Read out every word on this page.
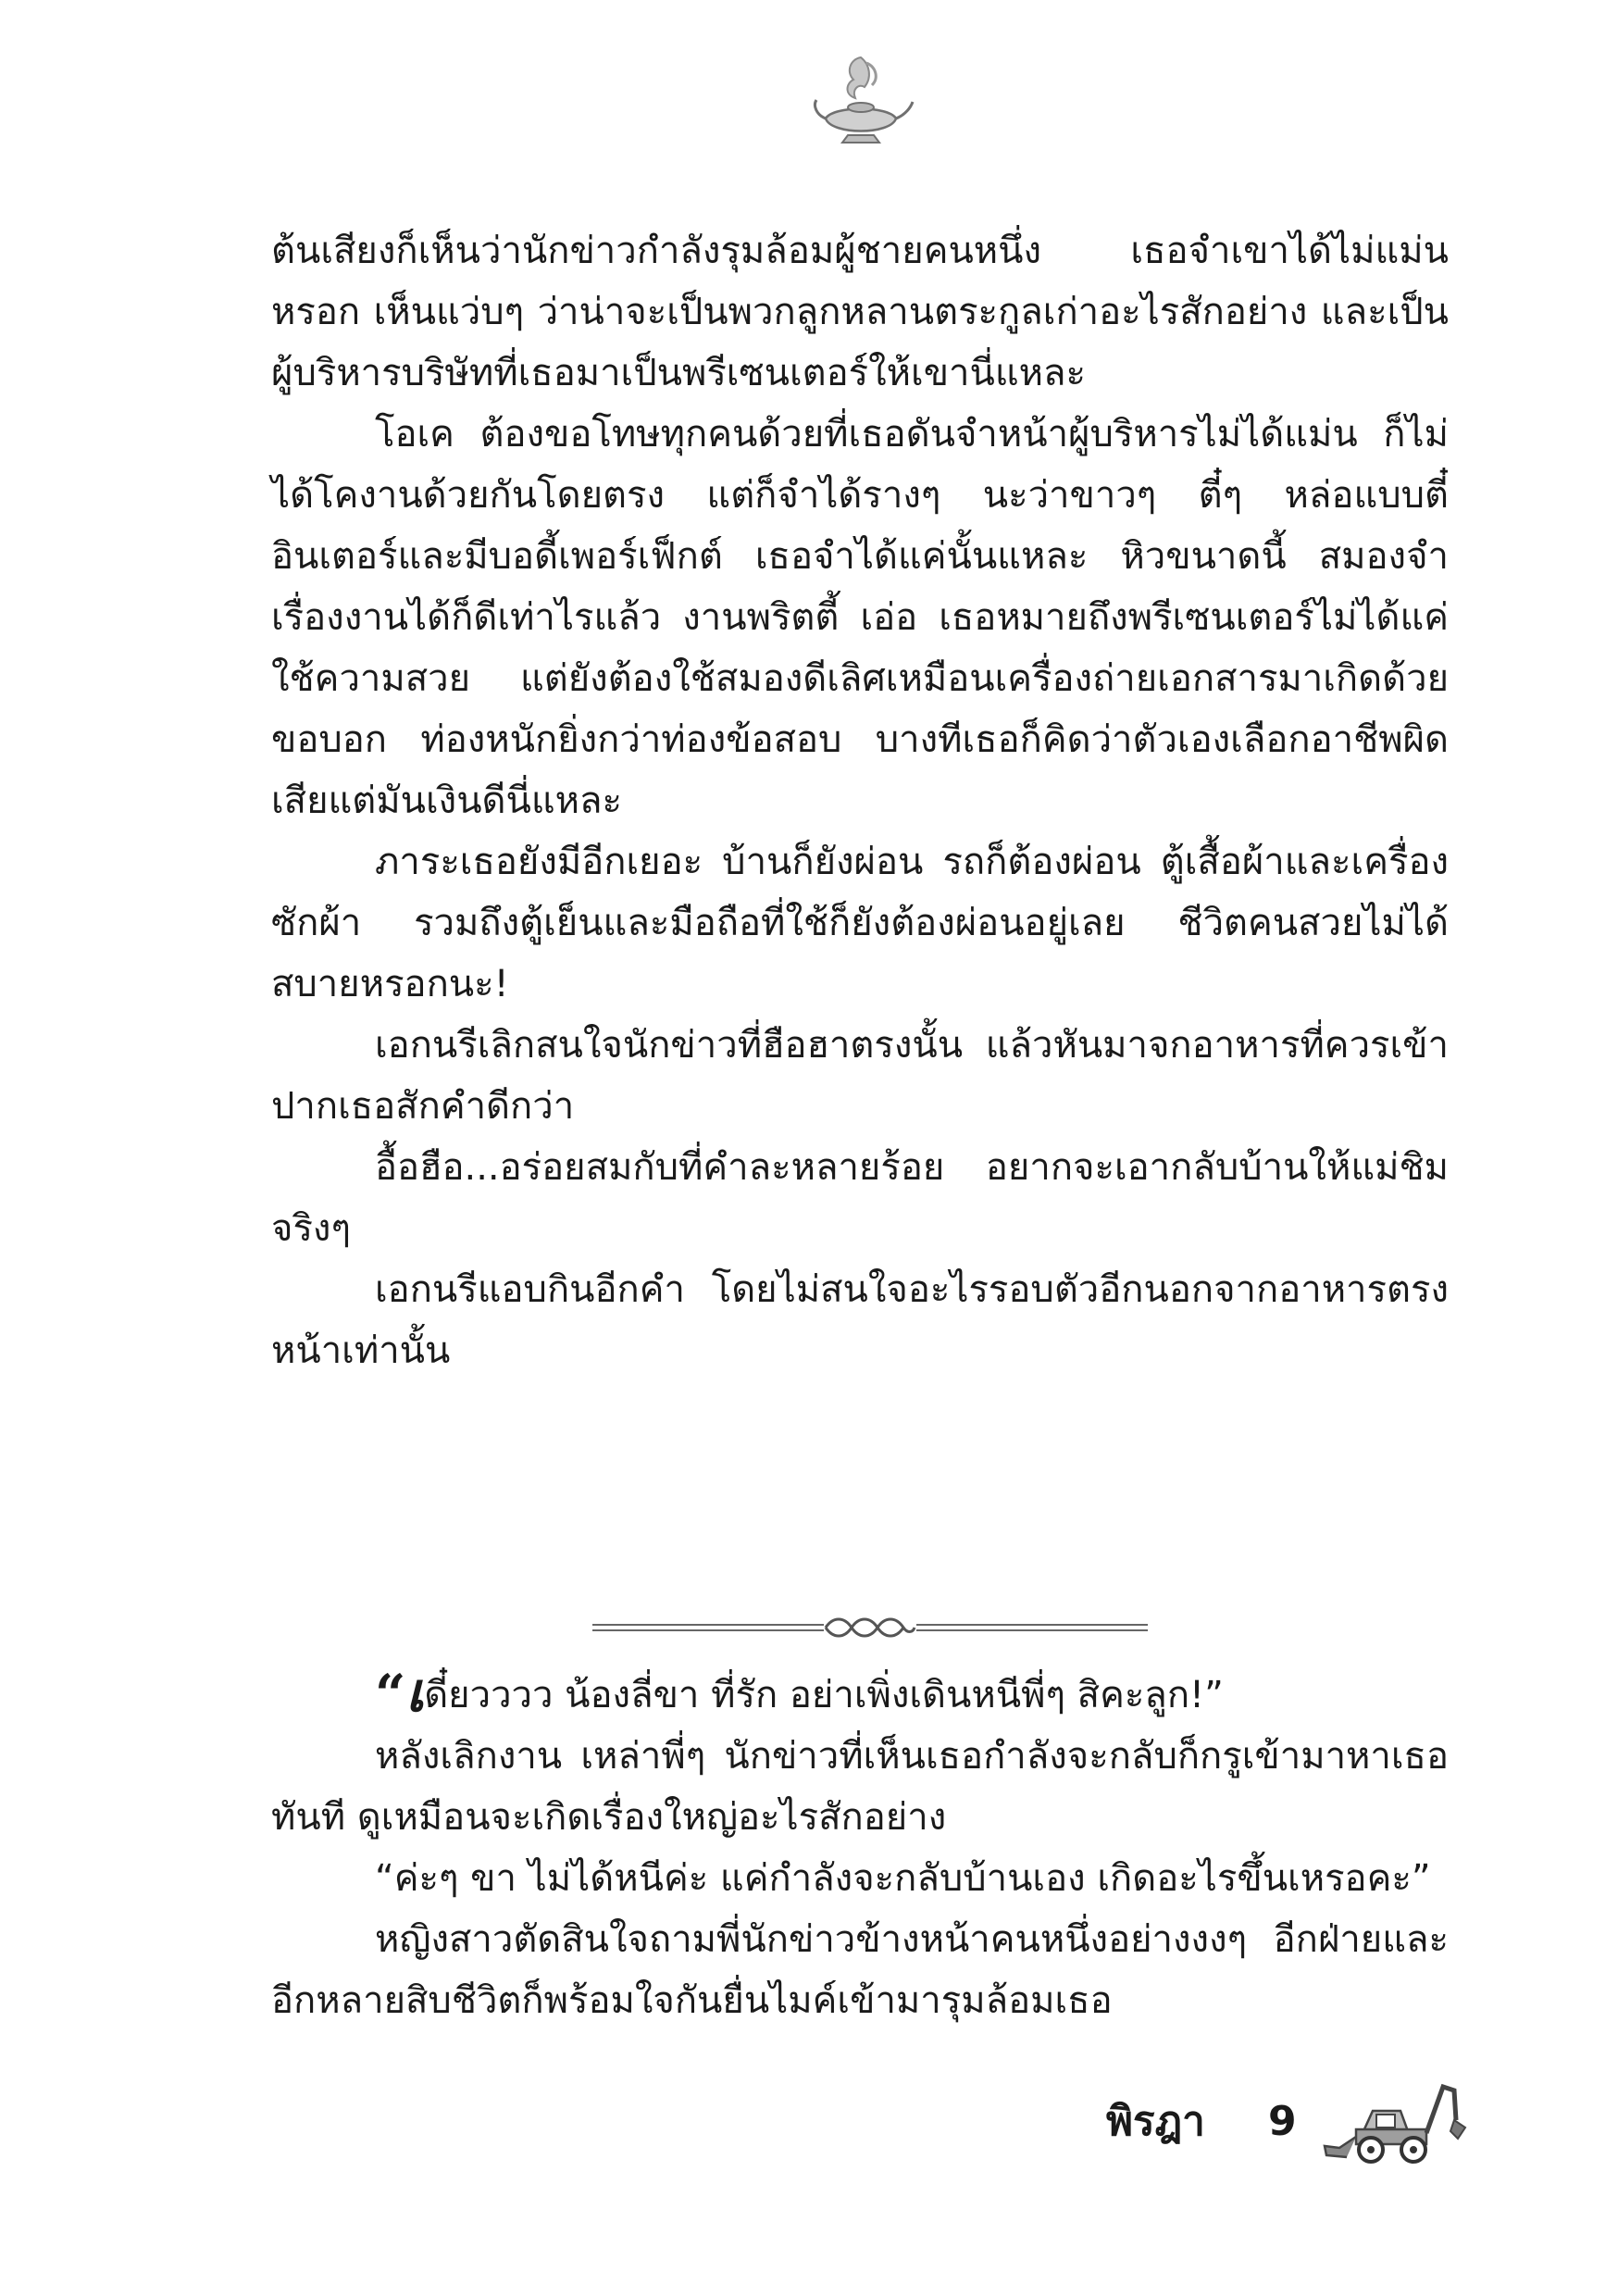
ต้นเสียงก็เห็นว่านักข่าวกำลังรุมล้อมผู้ชายคนหนึ่ง เธอจำเขาได้ไม่แม่น หรอก เห็นแว่บๆ ว่าน่าจะเป็นพวกลูกหลานตระกูลเก่าอะไรสักอย่าง และเป็นผู้บริหารบริษัทที่เธอมาเป็นพรีเซนเตอร์ให้เขานี่แหละ

โอเค ต้องขอโทษทุกคนด้วยที่เธอดันจำหน้าผู้บริหารไม่ได้แม่น ก็ไม่ได้โคงานด้วยกันโดยตรง แต่ก็จำได้รางๆ นะว่าขาวๆ ตี๋ๆ หล่อแบบตี๋อินเตอร์และมีบอดี้เพอร์เฟ็กต์ เธอจำได้แค่นั้นแหละ หิวขนาดนี้ สมองจำเรื่องงานได้ก็ดีเท่าไรแล้ว งานพริตตี้ เอ่อ เธอหมายถึงพรีเซนเตอร์ไม่ได้แค่ใช้ความสวย แต่ยังต้องใช้สมองดีเลิศเหมือนเครื่องถ่ายเอกสารมาเกิดด้วยขอบอก ท่องหนักยิ่งกว่าท่องข้อสอบ บางทีเธอก็คิดว่าตัวเองเลือกอาชีพผิด เสียแต่มันเงินดีนี่แหละ

ภาระเธอยังมีอีกเยอะ บ้านก็ยังผ่อน รถก็ต้องผ่อน ตู้เสื้อผ้าและเครื่องซักผ้า รวมถึงตู้เย็นและมือถือที่ใช้ก็ยังต้องผ่อนอยู่เลย ชีวิตคนสวยไม่ได้สบายหรอกนะ!

เอกนรีเลิกสนใจนักข่าวที่ฮือฮาตรงนั้น แล้วหันมาจกอาหารที่ควรเข้าปากเธอสักคำดีกว่า

อื้อฮือ...อร่อยสมกับที่คำละหลายร้อย อยากจะเอากลับบ้านให้แม่ชิมจริงๆ

เอกนรีแอบกินอีกคำ โดยไม่สนใจอะไรรอบตัวอีกนอกจากอาหารตรงหน้าเท่านั้น

“เดี๋ยวววว น้องลี่ขา ที่รัก อย่าเพิ่งเดินหนีพี่ๆ สิคะลูก!”

หลังเลิกงาน เหล่าพี่ๆ นักข่าวที่เห็นเธอกำลังจะกลับก็กรูเข้ามาหาเธอทันที ดูเหมือนจะเกิดเรื่องใหญ่อะไรสักอย่าง

“ค่ะๆ ขา ไม่ได้หนีค่ะ แค่กำลังจะกลับบ้านเอง เกิดอะไรขึ้นเหรอคะ”

หญิงสาวตัดสินใจถามพี่นักข่าวข้างหน้าคนหนึ่งอย่างงงๆ อีกฝ่ายและอีกหลายสิบชีวิตก็พร้อมใจกันยื่นไมค์เข้ามารุมล้อมเธอ

พิรฎา 9
